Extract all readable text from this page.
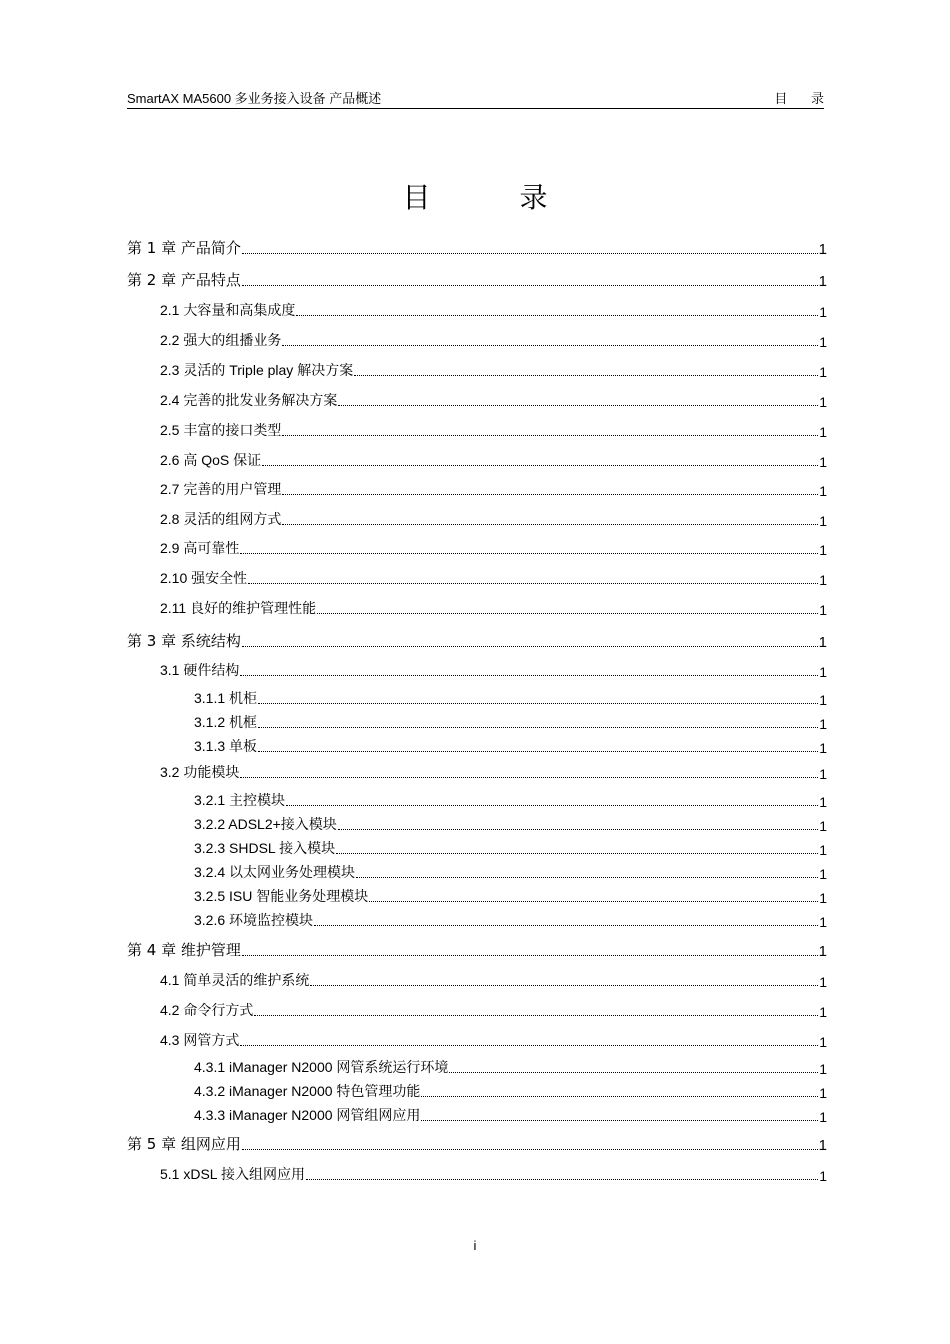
SmartAX MA5600 多业务接入设备 产品概述	目 录
目 录
第 1 章 产品简介	1
第 2 章 产品特点	1
2.1 大容量和高集成度	1
2.2 强大的组播业务	1
2.3 灵活的 Triple play 解决方案	1
2.4 完善的批发业务解决方案	1
2.5 丰富的接口类型	1
2.6 高 QoS 保证	1
2.7 完善的用户管理	1
2.8 灵活的组网方式	1
2.9 高可靠性	1
2.10 强安全性	1
2.11 良好的维护管理性能	1
第 3 章 系统结构	1
3.1 硬件结构	1
3.1.1 机柜	1
3.1.2 机框	1
3.1.3 单板	1
3.2 功能模块	1
3.2.1 主控模块	1
3.2.2 ADSL2+接入模块	1
3.2.3 SHDSL 接入模块	1
3.2.4 以太网业务处理模块	1
3.2.5 ISU 智能业务处理模块	1
3.2.6 环境监控模块	1
第 4 章 维护管理	1
4.1 简单灵活的维护系统	1
4.2 命令行方式	1
4.3 网管方式	1
4.3.1 iManager N2000 网管系统运行环境	1
4.3.2 iManager N2000 特色管理功能	1
4.3.3 iManager N2000 网管组网应用	1
第 5 章 组网应用	1
5.1 xDSL 接入组网应用	1
i
